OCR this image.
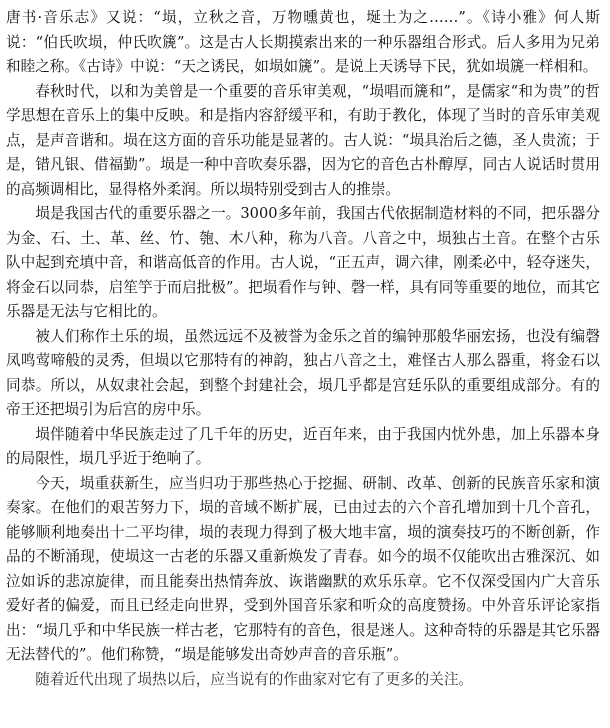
唐书·音乐志》又说：“埙，立秋之音，万物曛黄也，埏土为之……”。《诗小雅》何人斯说：“伯氏吹埙，仲氏吹篪”。这是古人长期摸索出来的一种乐器组合形式。后人多用为兄弟和睦之称。《古诗》中说：“天之诱民，如埙如篪”。是说上天诱导下民，犹如埙篪一样相和。

春秋时代，以和为美曾是一个重要的音乐审美观，“埙唱而篪和”，是儒家“和为贵”的哲学思想在音乐上的集中反映。和是指内容舒缓平和，有助于教化，体现了当时的音乐审美观点，是声音谐和。埙在这方面的音乐功能是显著的。古人说：“埙具治后之德，圣人贵流；于是，错凡银、借福勤”。埙是一种中音吹奏乐器，因为它的音色古朴醇厚，同古人说话时贯用的高频调相比，显得格外柔润。所以埙特别受到古人的推崇。

埙是我国古代的重要乐器之一。3000多年前，我国古代依据制造材料的不同，把乐器分为金、石、土、革、丝、竹、匏、木八种，称为八音。八音之中，埙独占土音。在整个古乐队中起到充填中音，和谐高低音的作用。古人说，“正五声，调六律，刚柔必中，轻夺迷失，将金石以同恭，启笙竽于而启批极”。把埙看作与钟、磬一样，具有同等重要的地位，而其它乐器是无法与它相比的。

被人们称作土乐的埙，虽然远远不及被誉为金乐之首的编钟那般华丽宏扬，也没有编磬凤鸣莺啼般的灵秀，但埙以它那特有的神韵，独占八音之土，难怪古人那么器重，将金石以同恭。所以，从奴隶社会起，到整个封建社会，埙几乎都是宫廷乐队的重要组成部分。有的帝王还把埙引为后宫的房中乐。

埙伴随着中华民族走过了几千年的历史，近百年来，由于我国内忧外患，加上乐器本身的局限性，埙几乎近于绝响了。

今天，埙重获新生，应当归功于那些热心于挖掘、研制、改革、创新的民族音乐家和演奏家。在他们的艰苦努力下，埙的音域不断扩展，已由过去的六个音孔增加到十几个音孔，能够顺利地奏出十二平均律，埙的表现力得到了极大地丰富，埙的演奏技巧的不断创新，作品的不断涌现，使埙这一古老的乐器又重新焕发了青春。如今的埙不仅能吹出古雅深沉、如泣如诉的悲凉旋律，而且能奏出热情奔放、诙谐幽默的欢乐乐章。它不仅深受国内广大音乐爱好者的偏爱，而且已经走向世界，受到外国音乐家和听众的高度赞扬。中外音乐评论家指出：“埙几乎和中华民族一样古老，它那特有的音色，很是迷人。这种奇特的乐器是其它乐器无法替代的”。他们称赞，“埙是能够发出奇妙声音的音乐瓶”。

随着近代出现了埙热以后，应当说有的作曲家对它有了更多的关注。
